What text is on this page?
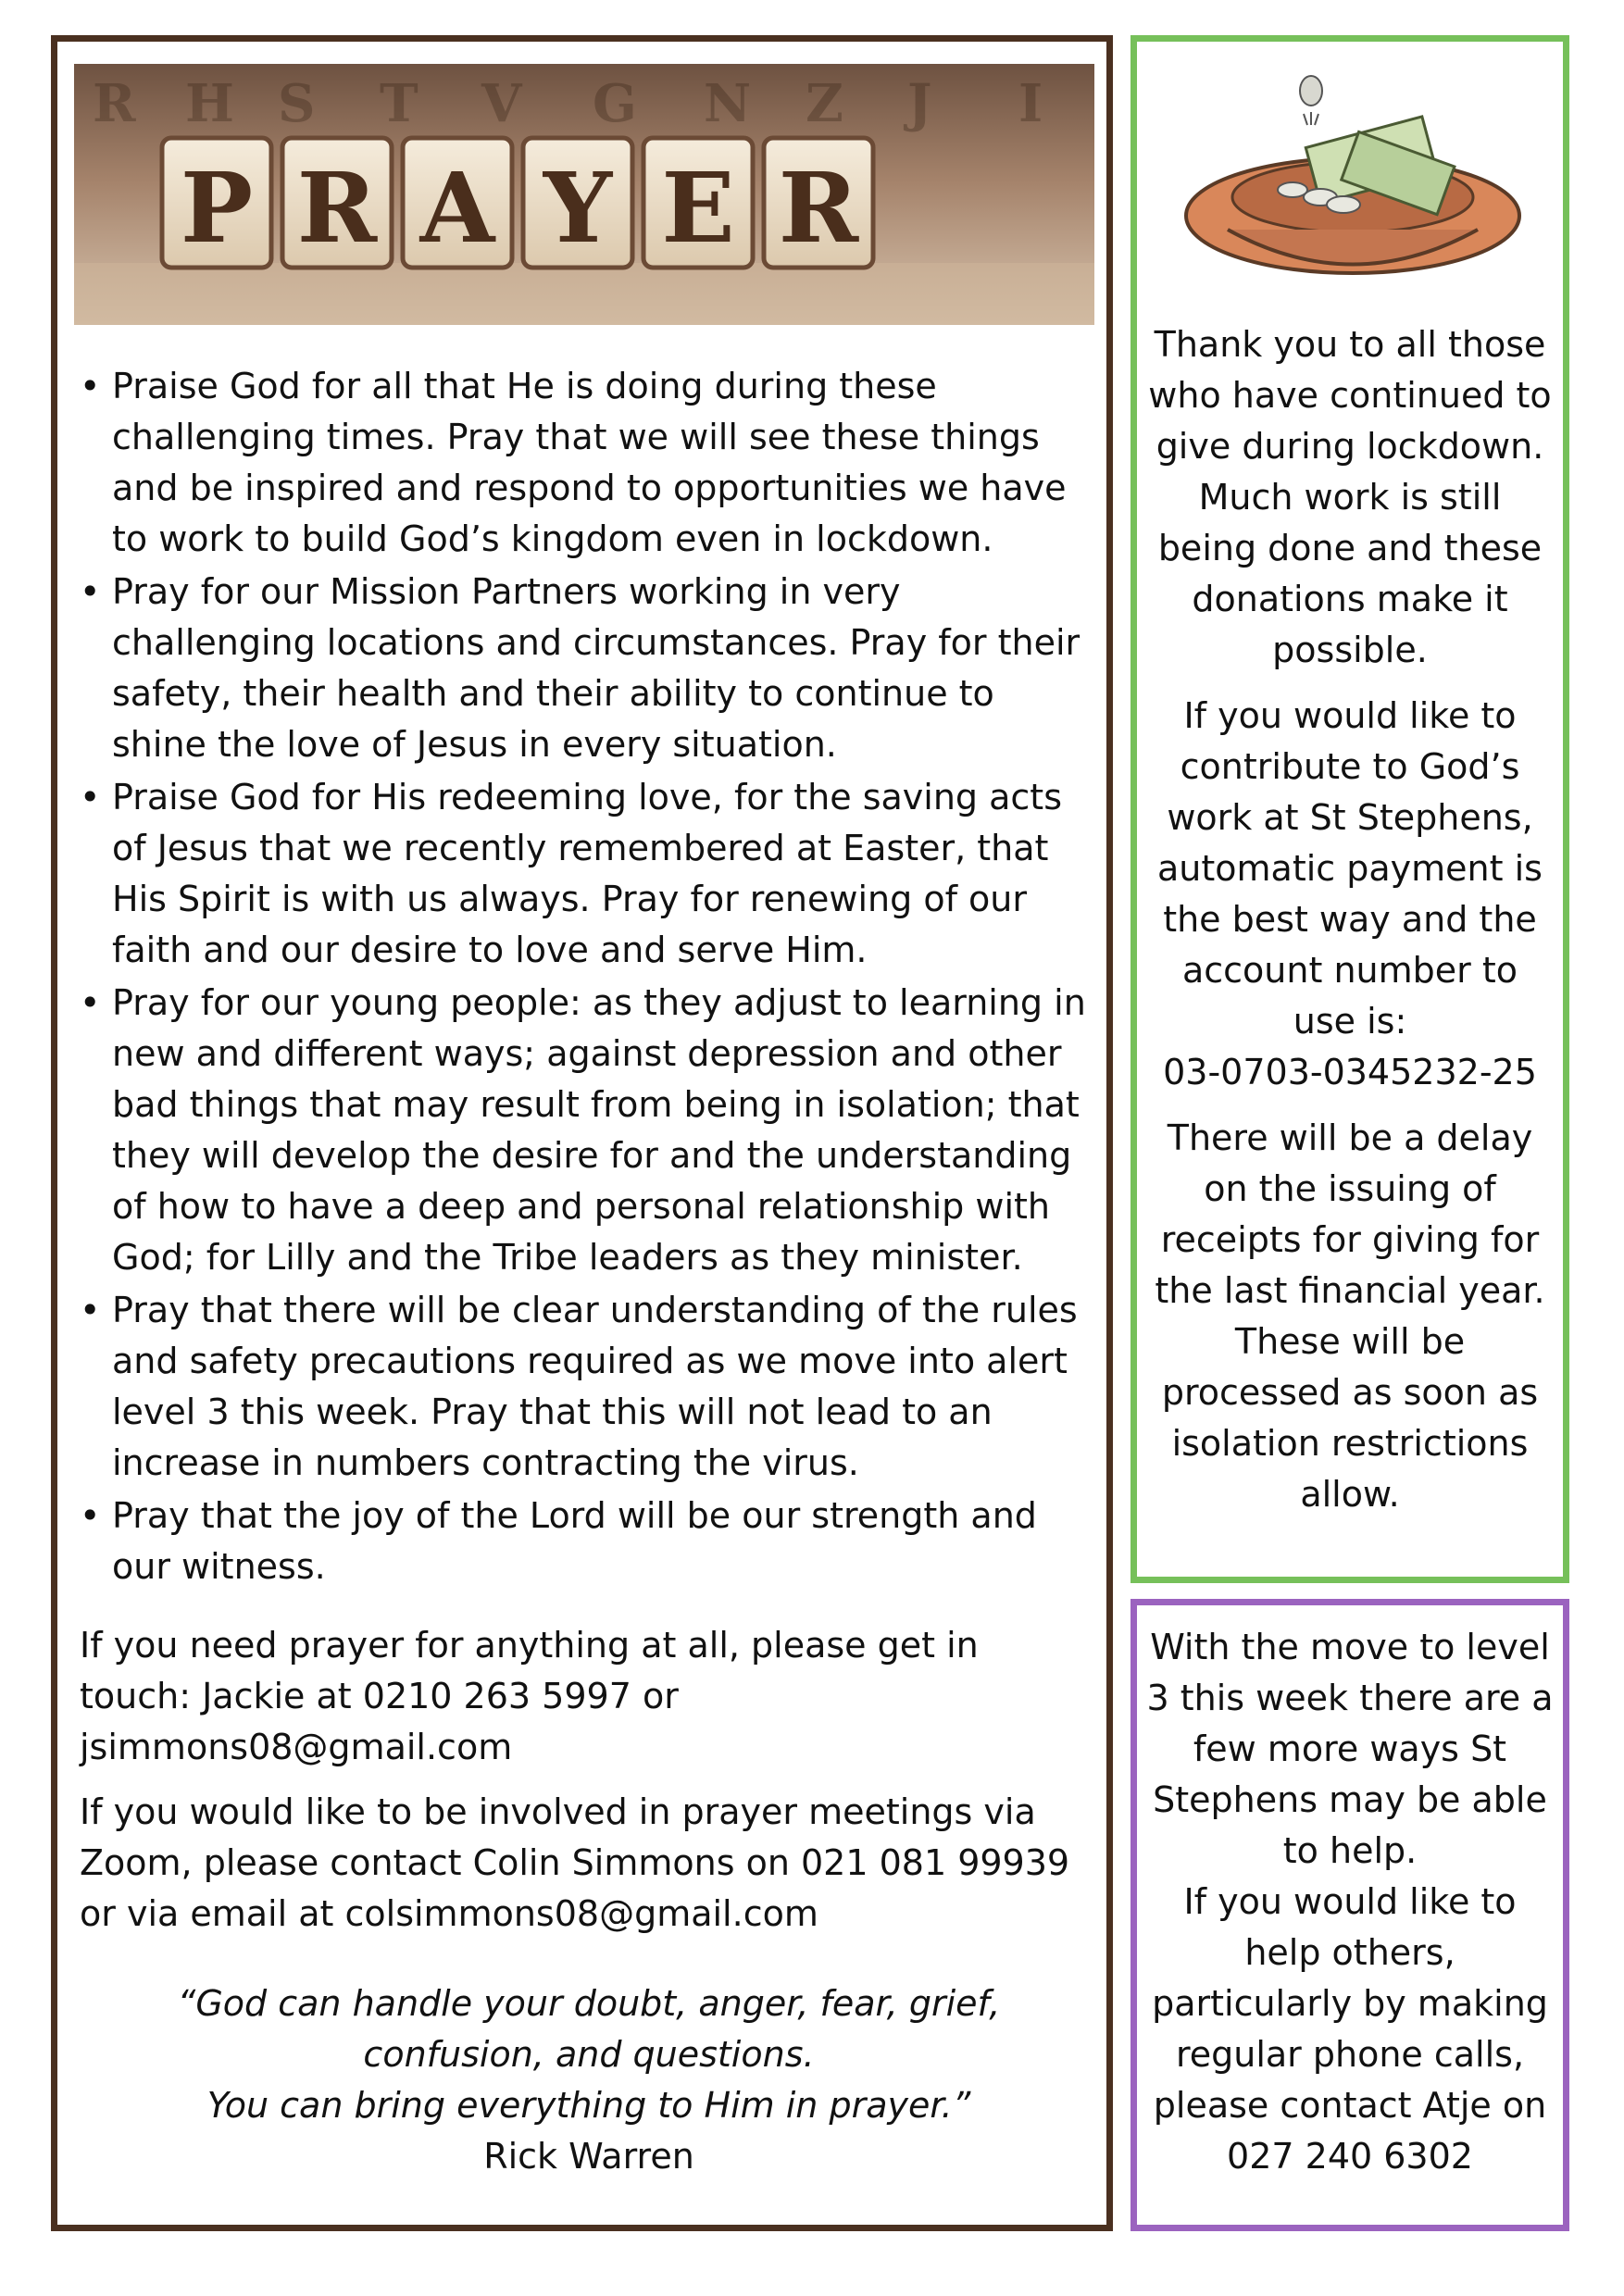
R H S T V G N Z J I
P R A Y E R
• Praise God for all that He is doing during these challenging times. Pray that we will see these things and be inspired and respond to opportunities we have to work to build God’s kingdom even in lockdown.
• Pray for our Mission Partners working in very challenging locations and circumstances. Pray for their safety, their health and their ability to continue to shine the love of Jesus in every situation.
• Praise God for His redeeming love, for the saving acts of Jesus that we recently remembered at Easter, that His Spirit is with us always. Pray for renewing of our faith and our desire to love and serve Him.
• Pray for our young people: as they adjust to learning in new and different ways; against depression and other bad things that may result from being in isolation; that they will develop the desire for and the understanding of how to have a deep and personal relationship with God; for Lilly and the Tribe leaders as they minister.
• Pray that there will be clear understanding of the rules and safety precautions required as we move into alert level 3 this week. Pray that this will not lead to an increase in numbers contracting the virus.
• Pray that the joy of the Lord will be our strength and our witness.

If you need prayer for anything at all, please get in touch: Jackie at 0210 263 5997 or jsimmons08@gmail.com

If you would like to be involved in prayer meetings via Zoom, please contact Colin Simmons on 021 081 99939 or via email at colsimmons08@gmail.com

“God can handle your doubt, anger, fear, grief,
confusion, and questions.
You can bring everything to Him in prayer.”
Rick Warren

Thank you to all those who have continued to give during lockdown. Much work is still being done and these donations make it possible.

If you would like to contribute to God’s work at St Stephens, automatic payment is the best way and the account number to use is:
03-0703-0345232-25

There will be a delay on the issuing of receipts for giving for the last financial year. These will be processed as soon as isolation restrictions allow.

With the move to level 3 this week there are a few more ways St Stephens may be able to help.

If you would like to help others, particularly by making regular phone calls, please contact Atje on
027 240 6302
